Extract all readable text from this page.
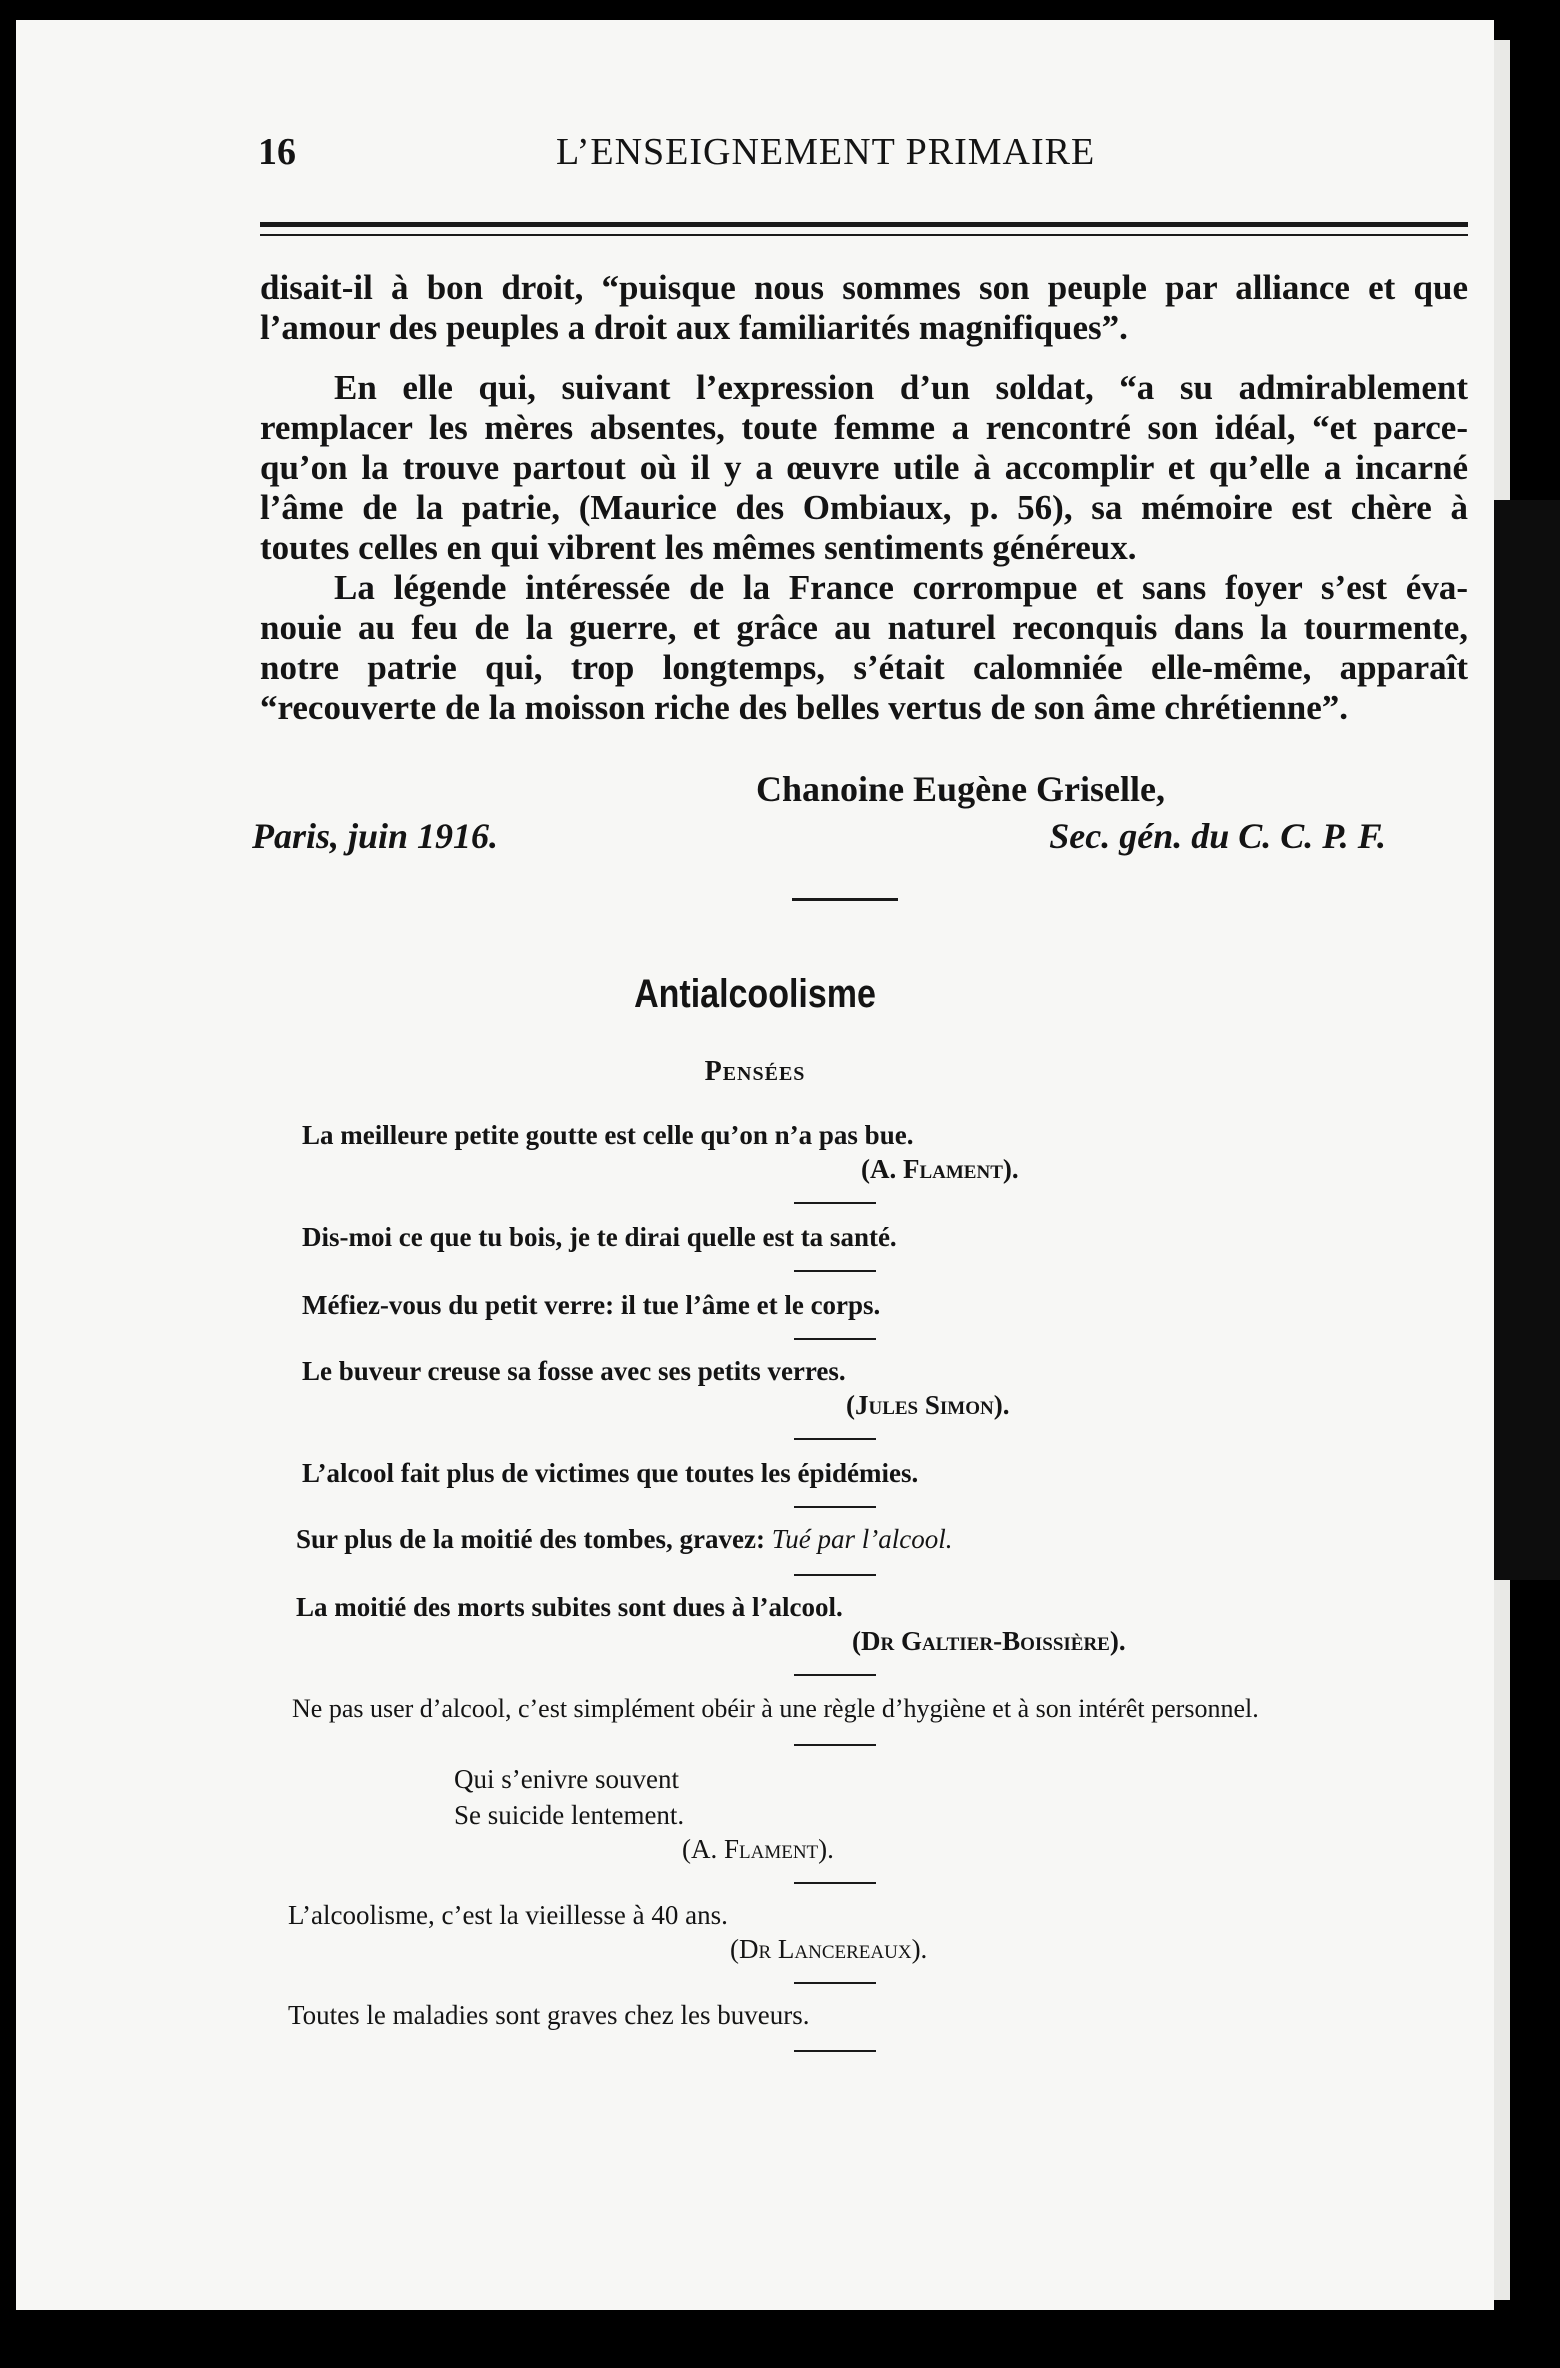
16	L’ENSEIGNEMENT PRIMAIRE

disait-il à bon droit, “puisque nous sommes son peuple par alliance et que

l’amour des peuples a droit aux familiarités magnifiques”.

En elle qui, suivant l’expression d’un soldat, “a su admirablement

remplacer les mères absentes, toute femme a rencontré son idéal, “et parce-

qu’on la trouve partout où il y a œuvre utile à accomplir et qu’elle a incarné

l’âme de la patrie, (Maurice des Ombiaux, p. 56), sa mémoire est chère à

toutes celles en qui vibrent les mêmes sentiments généreux.

La légende intéressée de la France corrompue et sans foyer s’est éva-

nouie au feu de la guerre, et grâce au naturel reconquis dans la tourmente,

notre patrie qui, trop longtemps, s’était calomniée elle-même, apparaît

“recouverte de la moisson riche des belles vertus de son âme chrétienne”.

Chanoine Eugène Griselle,
Paris, juin 1916.	Sec. gén. du C. C. P. F.
Antialcoolisme
Pensées
La meilleure petite goutte est celle qu’on n’a pas bue.
(A. Flament).
Dis-moi ce que tu bois, je te dirai quelle est ta santé.
Méfiez-vous du petit verre: il tue l’âme et le corps.
Le buveur creuse sa fosse avec ses petits verres.
(Jules Simon).
L’alcool fait plus de victimes que toutes les épidémies.
Sur plus de la moitié des tombes, gravez: Tué par l’alcool.
La moitié des morts subites sont dues à l’alcool.
(Dr Galtier-Boissière).
Ne pas user d’alcool, c’est simplément obéir à une règle d’hygiène et à son intérêt personnel.
Qui s’enivre souvent
Se suicide lentement.
(A. Flament).
L’alcoolisme, c’est la vieillesse à 40 ans.
(Dr Lancereaux).
Toutes le maladies sont graves chez les buveurs.
